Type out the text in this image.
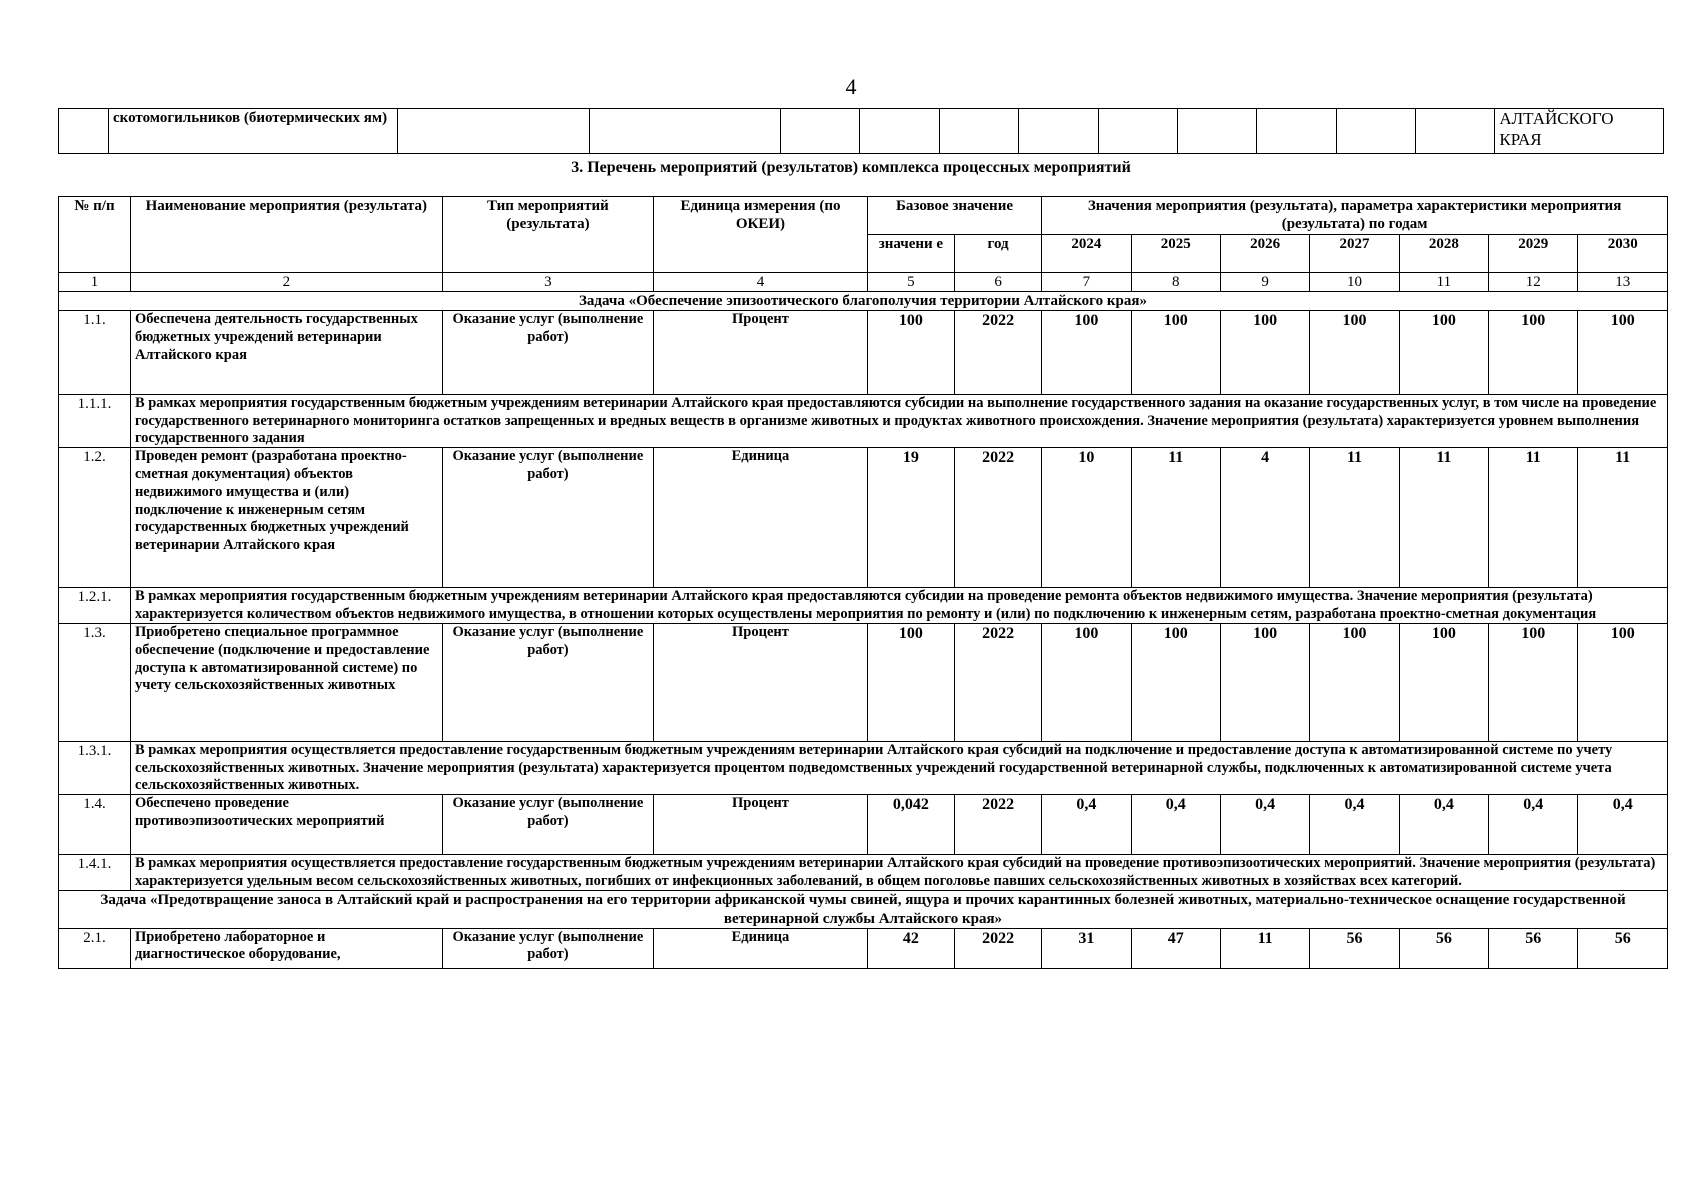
4
	скотомогильников (биотермических ям)												АЛТАЙСКОГО КРАЯ
3. Перечень мероприятий (результатов) комплекса процессных мероприятий
№ п/п	Наименование мероприятия (результата)	Тип мероприятий (результата)	Единица измерения (по ОКЕИ)	Базовое значение		Значения мероприятия (результата), параметра характеристики мероприятия (результата) по годам						
				значени е	год	2024	2025	2026	2027	2028	2029	2030
1	2	3	4	5	6	7	8	9	10	11	12	13
Задача «Обеспечение эпизоотического благополучия территории Алтайского края»												
1.1.	Обеспечена деятельность государственных бюджетных учреждений ветеринарии Алтайского края	Оказание услуг (выполнение работ)	Процент	100	2022	100	100	100	100	100	100	100
1.1.1.	В рамках мероприятия государственным бюджетным учреждениям ветеринарии Алтайского края предоставляются субсидии на выполнение государственного задания на оказание государственных услуг, в том числе на проведение государственного ветеринарного мониторинга остатков запрещенных и вредных веществ в организме животных и продуктах животного происхождения. Значение мероприятия (результата) характеризуется уровнем выполнения государственного задания											
1.2.	Проведен ремонт (разработана проектно-сметная документация) объектов недвижимого имущества и (или) подключение к инженерным сетям государственных бюджетных учреждений ветеринарии Алтайского края	Оказание услуг (выполнение работ)	Единица	19	2022	10	11	4	11	11	11	11
1.2.1.	В рамках мероприятия государственным бюджетным учреждениям ветеринарии Алтайского края предоставляются субсидии на проведение ремонта объектов недвижимого имущества. Значение мероприятия (результата) характеризуется количеством объектов недвижимого имущества, в отношении которых осуществлены мероприятия по ремонту и (или) по подключению к инженерным сетям, разработана проектно-сметная документация											
1.3.	Приобретено специальное программное обеспечение (подключение и предоставление доступа к автоматизированной системе) по учету сельскохозяйственных животных	Оказание услуг (выполнение работ)	Процент	100	2022	100	100	100	100	100	100	100
1.3.1.	В рамках мероприятия осуществляется предоставление государственным бюджетным учреждениям ветеринарии Алтайского края субсидий на подключение и предоставление доступа к автоматизированной системе по учету сельскохозяйственных животных. Значение мероприятия (результата) характеризуется процентом подведомственных учреждений государственной ветеринарной службы, подключенных к автоматизированной системе учета сельскохозяйственных животных.											
1.4.	Обеспечено проведение противоэпизоотических мероприятий	Оказание услуг (выполнение работ)	Процент	0,042	2022	0,4	0,4	0,4	0,4	0,4	0,4	0,4
1.4.1.	В рамках мероприятия осуществляется предоставление государственным бюджетным учреждениям ветеринарии Алтайского края субсидий на проведение противоэпизоотических мероприятий. Значение мероприятия (результата) характеризуется удельным весом сельскохозяйственных животных, погибших от инфекционных заболеваний, в общем поголовье павших сельскохозяйственных животных в хозяйствах всех категорий.											
Задача «Предотвращение заноса в Алтайский край и распространения на его территории африканской чумы свиней, ящура и прочих карантинных болезней животных, материально-техническое оснащение государственной ветеринарной службы Алтайского края»												
2.1.	Приобретено лабораторное и диагностическое оборудование,	Оказание услуг (выполнение работ)	Единица	42	2022	31	47	11	56	56	56	56
